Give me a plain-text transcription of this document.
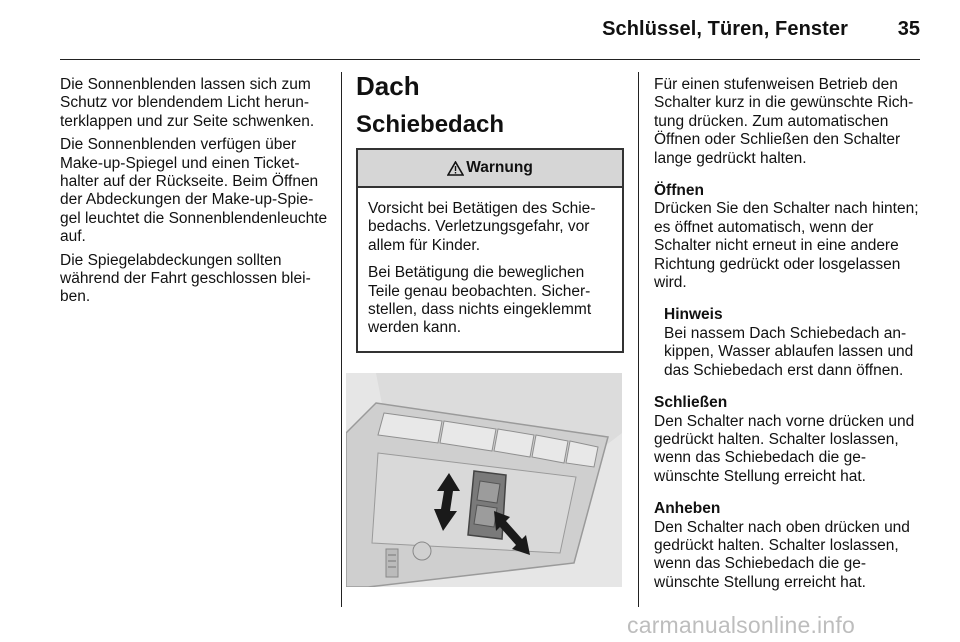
Schlüssel, Türen, Fenster 35

Die Sonnenblenden lassen sich zum Schutz vor blendendem Licht herunterklappen und zur Seite schwenken.

Die Sonnenblenden verfügen über Make-up-Spiegel und einen Tickethalter auf der Rückseite. Beim Öffnen der Abdeckungen der Make-up-Spiegel leuchtet die Sonnenblendenleuchte auf.

Die Spiegelabdeckungen sollten während der Fahrt geschlossen bleiben.

Dach
Schiebedach
Warnung

Vorsicht bei Betätigen des Schiebedachs. Verletzungsgefahr, vor allem für Kinder.

Bei Betätigung die beweglichen Teile genau beobachten. Sicherstellen, dass nichts eingeklemmt werden kann.

Für einen stufenweisen Betrieb den Schalter kurz in die gewünschte Richtung drücken. Zum automatischen Öffnen oder Schließen den Schalter lange gedrückt halten.

Öffnen

Drücken Sie den Schalter nach hinten; es öffnet automatisch, wenn der Schalter nicht erneut in eine andere Richtung gedrückt oder losgelassen wird.

Hinweis

Bei nassem Dach Schiebedach ankippen, Wasser ablaufen lassen und das Schiebedach erst dann öffnen.

Schließen

Den Schalter nach vorne drücken und gedrückt halten. Schalter loslassen, wenn das Schiebedach die gewünschte Stellung erreicht hat.

Anheben

Den Schalter nach oben drücken und gedrückt halten. Schalter loslassen, wenn das Schiebedach die gewünschte Stellung erreicht hat.

carmanualsonline.info
